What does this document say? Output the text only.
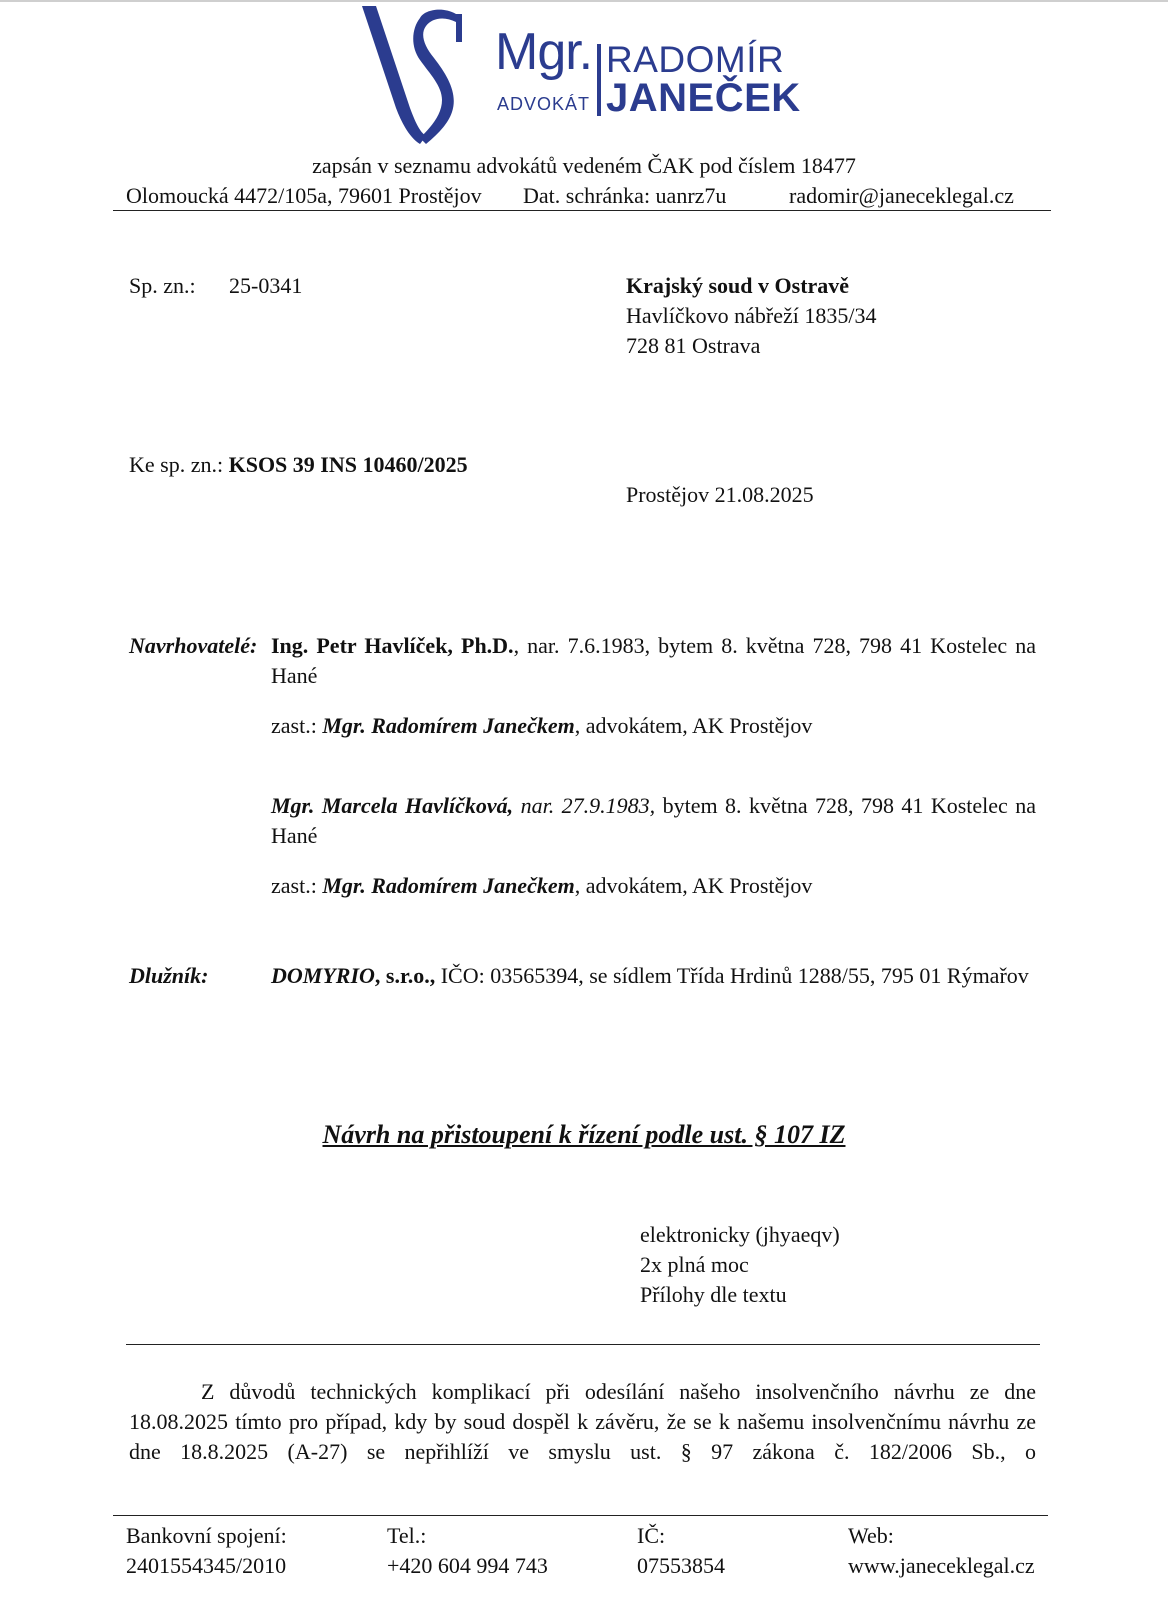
Mgr. RADOMÍR
JANEČEK
ADVOKÁT
zapsán v seznamu advokátů vedeném ČAK pod číslem 18477
Olomoucká 4472/105a, 79601 Prostějov Dat. schránka: uanrz7u	radomir@janeceklegal.cz
Sp. zn.: 25-0341	Krajský soud v Ostravě
Havlíčkovo nábřeží 1835/34
728 81 Ostrava
Ke sp. zn.: KSOS 39 INS 10460/2025
Prostějov 21.08.2025
Navrhovatelé: Ing. Petr Havlíček, Ph.D., nar. 7.6.1983, bytem 8. května 728, 798 41 Kostelec na Hané
zast.: Mgr. Radomírem Janečkem, advokátem, AK Prostějov
Mgr. Marcela Havlíčková, nar. 27.9.1983, bytem 8. května 728, 798 41 Kostelec na Hané
zast.: Mgr. Radomírem Janečkem, advokátem, AK Prostějov
Dlužník:	DOMYRIO, s.r.o., IČO: 03565394, se sídlem Třída Hrdinů 1288/55, 795 01 Rýmařov
Návrh na přistoupení k řízení podle ust. § 107 IZ
elektronicky (jhyaeqv)
2x plná moc
Přílohy dle textu
Z důvodů technických komplikací při odesílání našeho insolvenčního návrhu ze dne 18.08.2025 tímto pro případ, kdy by soud dospěl k závěru, že se k našemu insolvenčnímu návrhu ze dne 18.8.2025 (A-27) se nepřihlíží ve smyslu ust. § 97 zákona č. 182/2006 Sb., o
Bankovní spojení:
2401554345/2010
Tel.:
+420 604 994 743
IČ:
07553854
Web:
www.janeceklegal.cz
